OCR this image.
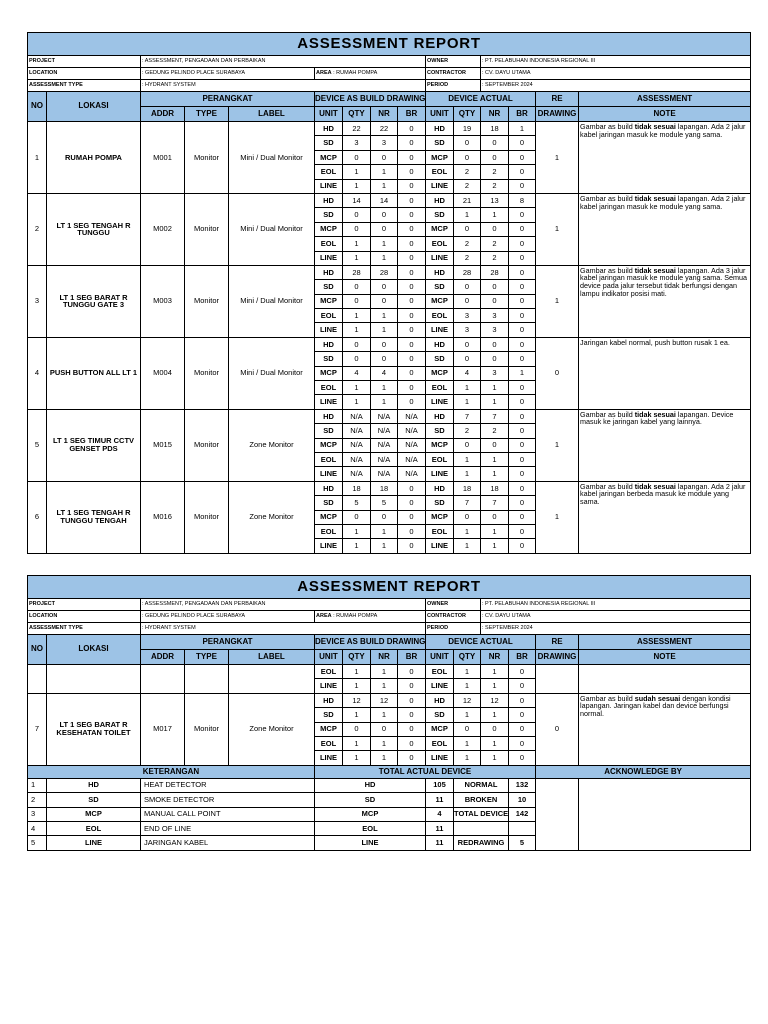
ASSESSMENT REPORT														
PROJECT		: ASSESSMENT, PENGADAAN DAN PERBAIKAN							OWNER		: PT. PELABUHAN INDONESIA REGIONAL III			
LOCATION		: GEDUNG PELINDO PLACE SURABAYA			AREA : RUMAH POMPA				CONTRACTOR		: CV. DAYU UTAMA			
ASSESSMENT TYPE		: HYDRANT SYSTEM							PERIOD		: SEPTEMBER 2024			
NO	LOKASI	PERANGKAT			DEVICE AS BUILD DRAWING				DEVICE ACTUAL				RE	ASSESSMENT
		ADDR	TYPE	LABEL	UNIT	QTY	NR	BR	UNIT	QTY	NR	BR	DRAWING	NOTE
1	RUMAH POMPA	M001	Monitor	Mini / Dual Monitor	HD	22	22	0	HD	19	18	1	1	Gambar as build tidak sesuai lapangan. Ada 2 jalur kabel jaringan masuk ke module yang sama.
					SD	3	3	0	SD	0	0	0		
					MCP	0	0	0	MCP	0	0	0		
					EOL	1	1	0	EOL	2	2	0		
					LINE	1	1	0	LINE	2	2	0		
2	LT 1 SEG TENGAH R TUNGGU	M002	Monitor	Mini / Dual Monitor	HD	14	14	0	HD	21	13	8	1	Gambar as build tidak sesuai lapangan. Ada 2 jalur kabel jaringan masuk ke module yang sama.
					SD	0	0	0	SD	1	1	0		
					MCP	0	0	0	MCP	0	0	0		
					EOL	1	1	0	EOL	2	2	0		
					LINE	1	1	0	LINE	2	2	0		
3	LT 1 SEG BARAT R TUNGGU GATE 3	M003	Monitor	Mini / Dual Monitor	HD	28	28	0	HD	28	28	0	1	Gambar as build tidak sesuai lapangan. Ada 3 jalur kabel jaringan masuk ke module yang sama. Semua device pada jalur tersebut tidak berfungsi dengan lampu indikator posisi mati.
					SD	0	0	0	SD	0	0	0		
					MCP	0	0	0	MCP	0	0	0		
					EOL	1	1	0	EOL	3	3	0		
					LINE	1	1	0	LINE	3	3	0		
4	PUSH BUTTON ALL LT 1	M004	Monitor	Mini / Dual Monitor	HD	0	0	0	HD	0	0	0	0	Jaringan kabel normal, push button rusak 1 ea.
					SD	0	0	0	SD	0	0	0		
					MCP	4	4	0	MCP	4	3	1		
					EOL	1	1	0	EOL	1	1	0		
					LINE	1	1	0	LINE	1	1	0		
5	LT 1 SEG TIMUR CCTV GENSET PDS	M015	Monitor	Zone Monitor	HD	N/A	N/A	N/A	HD	7	7	0	1	Gambar as build tidak sesuai lapangan. Device masuk ke jaringan kabel yang lainnya.
					SD	N/A	N/A	N/A	SD	2	2	0		
					MCP	N/A	N/A	N/A	MCP	0	0	0		
					EOL	N/A	N/A	N/A	EOL	1	1	0		
					LINE	N/A	N/A	N/A	LINE	1	1	0		
6	LT 1 SEG TENGAH R TUNGGU TENGAH	M016	Monitor	Zone Monitor	HD	18	18	0	HD	18	18	0	1	Gambar as build tidak sesuai lapangan. Ada 2 jalur kabel jaringan berbeda masuk ke module yang sama.
					SD	5	5	0	SD	7	7	0		
					MCP	0	0	0	MCP	0	0	0		
					EOL	1	1	0	EOL	1	1	0		
					LINE	1	1	0	LINE	1	1	0		
ASSESSMENT REPORT														
PROJECT		: ASSESSMENT, PENGADAAN DAN PERBAIKAN							OWNER		: PT. PELABUHAN INDONESIA REGIONAL III			
LOCATION		: GEDUNG PELINDO PLACE SURABAYA			AREA : RUMAH POMPA				CONTRACTOR		: CV. DAYU UTAMA			
ASSESSMENT TYPE		: HYDRANT SYSTEM							PERIOD		: SEPTEMBER 2024			
NO	LOKASI	PERANGKAT			DEVICE AS BUILD DRAWING				DEVICE ACTUAL				RE	ASSESSMENT
		ADDR	TYPE	LABEL	UNIT	QTY	NR	BR	UNIT	QTY	NR	BR	DRAWING	NOTE
					EOL	1	1	0	EOL	1	1	0		
					LINE	1	1	0	LINE	1	1	0		
7	LT 1 SEG BARAT R KESEHATAN TOILET	M017	Monitor	Zone Monitor	HD	12	12	0	HD	12	12	0	0	Gambar as build sudah sesuai dengan kondisi lapangan. Jaringan kabel dan device berfungsi normal.
					SD	1	1	0	SD	1	1	0		
					MCP	0	0	0	MCP	0	0	0		
					EOL	1	1	0	EOL	1	1	0		
					LINE	1	1	0	LINE	1	1	0		
KETERANGAN					TOTAL ACTUAL DEVICE								ACKNOWLEDGE BY	
1	HD	HEAT DETECTOR			HD				105	NORMAL		132		
2	SD	SMOKE DETECTOR			SD				11	BROKEN		10		
3	MCP	MANUAL CALL POINT			MCP				4	TOTAL DEVICE		142		
4	EOL	END OF LINE			EOL				11					
5	LINE	JARINGAN KABEL			LINE				11	REDRAWING		5		
